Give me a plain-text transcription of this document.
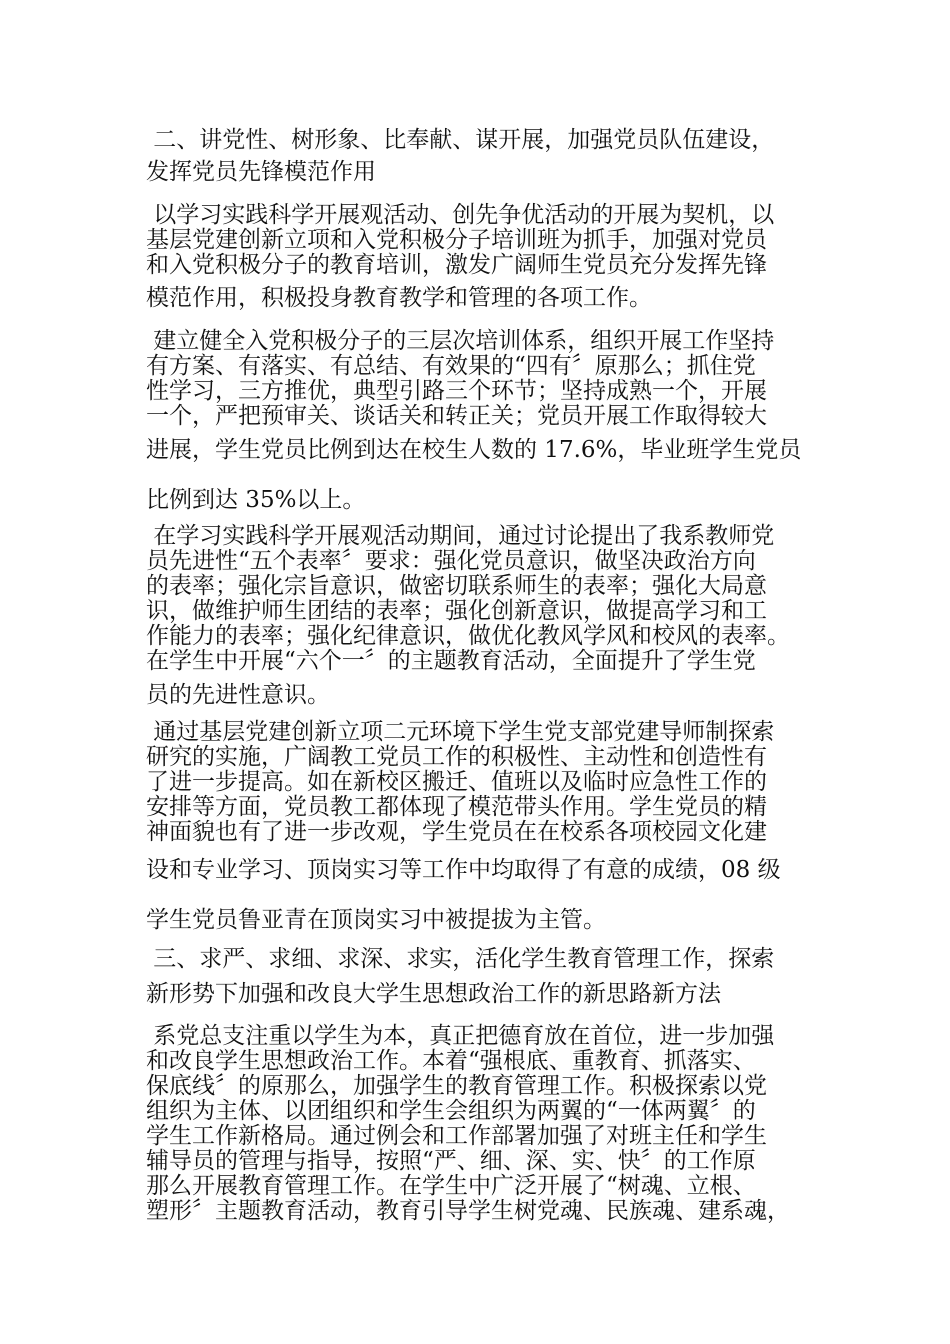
二、讲党性、树形象、比奉献、谋开展，加强党员队伍建设，
发挥党员先锋模范作用
以学习实践科学开展观活动、创先争优活动的开展为契机，以
基层党建创新立项和入党积极分子培训班为抓手，加强对党员
和入党积极分子的教育培训，激发广阔师生党员充分发挥先锋
模范作用，积极投身教育教学和管理的各项工作。
建立健全入党积极分子的三层次培训体系，组织开展工作坚持
有方案、有落实、有总结、有效果的“四有〞原那么；抓住党
性学习，三方推优，典型引路三个环节；坚持成熟一个，开展
一个，严把预审关、谈话关和转正关；党员开展工作取得较大
进展，学生党员比例到达在校生人数的 17.6%，毕业班学生党员
比例到达 35%以上。
在学习实践科学开展观活动期间，通过讨论提出了我系教师党
员先进性“五个表率〞要求：强化党员意识，做坚决政治方向
的表率；强化宗旨意识，做密切联系师生的表率；强化大局意
识，做维护师生团结的表率；强化创新意识，做提高学习和工
作能力的表率；强化纪律意识，做优化教风学风和校风的表率。
在学生中开展“六个一〞的主题教育活动，全面提升了学生党
员的先进性意识。
通过基层党建创新立项二元环境下学生党支部党建导师制探索
研究的实施，广阔教工党员工作的积极性、主动性和创造性有
了进一步提高。如在新校区搬迁、值班以及临时应急性工作的
安排等方面，党员教工都体现了模范带头作用。学生党员的精
神面貌也有了进一步改观，学生党员在在校系各项校园文化建
设和专业学习、顶岗实习等工作中均取得了有意的成绩，08 级
学生党员鲁亚青在顶岗实习中被提拔为主管。
三、求严、求细、求深、求实，活化学生教育管理工作，探索
新形势下加强和改良大学生思想政治工作的新思路新方法
系党总支注重以学生为本，真正把德育放在首位，进一步加强
和改良学生思想政治工作。本着“强根底、重教育、抓落实、
保底线〞的原那么，加强学生的教育管理工作。积极探索以党
组织为主体、以团组织和学生会组织为两翼的“一体两翼〞的
学生工作新格局。通过例会和工作部署加强了对班主任和学生
辅导员的管理与指导，按照“严、细、深、实、快〞的工作原
那么开展教育管理工作。在学生中广泛开展了“树魂、立根、
塑形〞主题教育活动，教育引导学生树党魂、民族魂、建系魂，
